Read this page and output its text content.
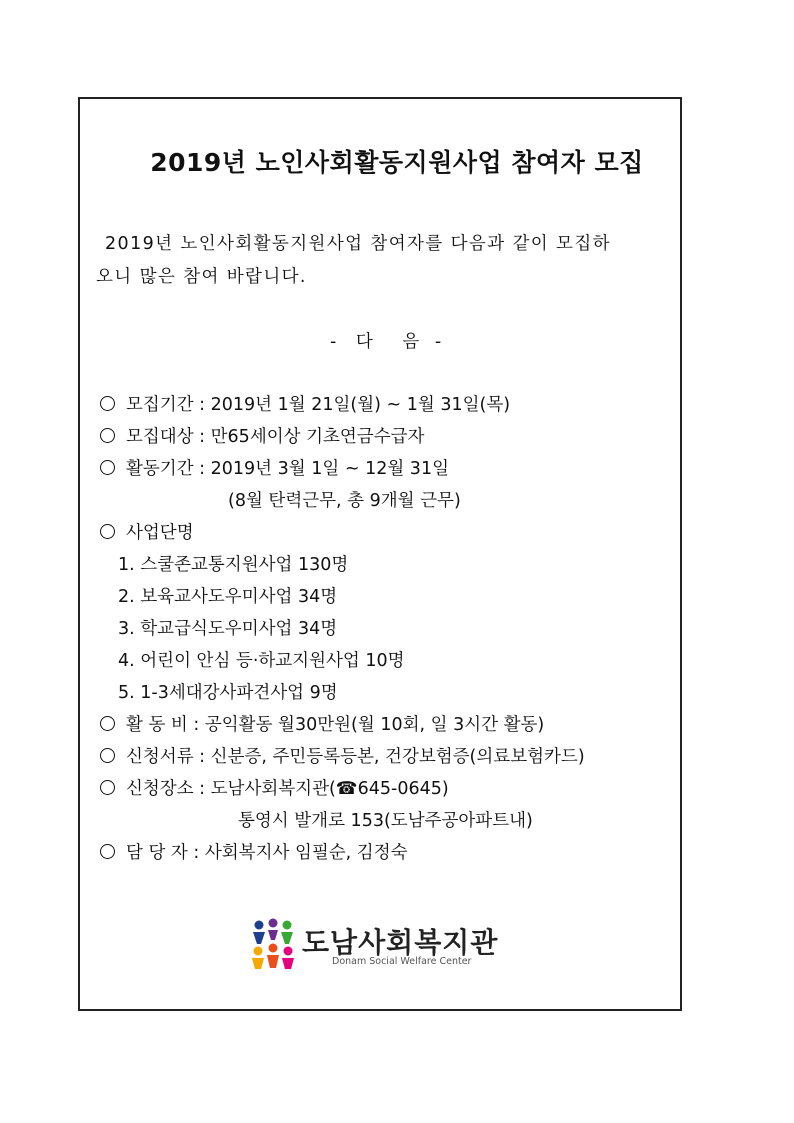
2019년 노인사회활동지원사업 참여자 모집
2019년 노인사회활동지원사업 참여자를 다음과 같이 모집하
오니 많은 참여 바랍니다.
- 다 음 -
모집기간 : 2019년 1월 21일(월) ~ 1월 31일(목)
모집대상 : 만65세이상 기초연금수급자
활동기간 : 2019년 3월 1일 ~ 12월 31일
(8월 탄력근무, 총 9개월 근무)
사업단명
1. 스쿨존교통지원사업 130명
2. 보육교사도우미사업 34명
3. 학교급식도우미사업 34명
4. 어린이 안심 등·하교지원사업 10명
5. 1-3세대강사파견사업 9명
활 동 비 : 공익활동 월30만원(월 10회, 일 3시간 활동)
신청서류 : 신분증, 주민등록등본, 건강보험증(의료보험카드)
신청장소 : 도남사회복지관(☎645-0645)
통영시 발개로 153(도남주공아파트내)
담 당 자 : 사회복지사 임필순, 김정숙
도남사회복지관
Donam Social Welfare Center
